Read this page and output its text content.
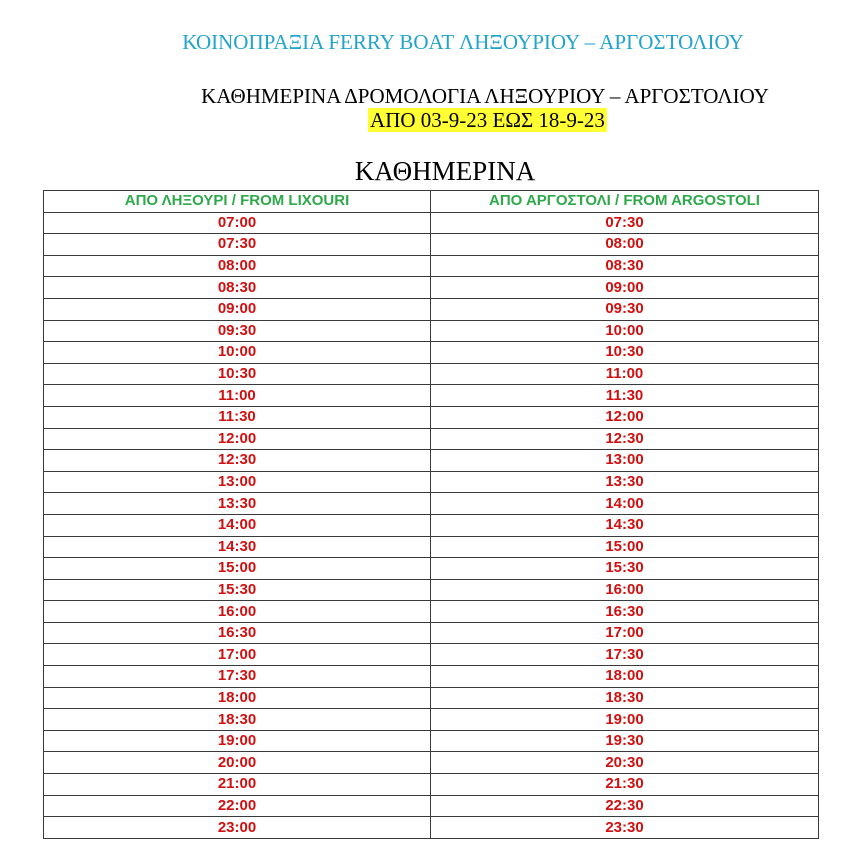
ΚΟΙΝΟΠΡΑΞΙΑ FERRY BOAT ΛΗΞΟΥΡΙΟΥ – ΑΡΓΟΣΤΟΛΙΟΥ
ΚΑΘΗΜΕΡΙΝΑ ΔΡΟΜΟΛΟΓΙΑ ΛΗΞΟΥΡΙΟΥ – ΑΡΓΟΣΤΟΛΙΟΥ
ΑΠΟ 03-9-23 ΕΩΣ 18-9-23
ΚΑΘΗΜΕΡΙΝΑ
ΑΠΟ ΛΗΞΟΥΡΙ / FROM LIXOURI	ΑΠΟ ΑΡΓΟΣΤΟΛΙ / FROM ARGOSTOLI
07:00	07:30
07:30	08:00
08:00	08:30
08:30	09:00
09:00	09:30
09:30	10:00
10:00	10:30
10:30	11:00
11:00	11:30
11:30	12:00
12:00	12:30
12:30	13:00
13:00	13:30
13:30	14:00
14:00	14:30
14:30	15:00
15:00	15:30
15:30	16:00
16:00	16:30
16:30	17:00
17:00	17:30
17:30	18:00
18:00	18:30
18:30	19:00
19:00	19:30
20:00	20:30
21:00	21:30
22:00	22:30
23:00	23:30
